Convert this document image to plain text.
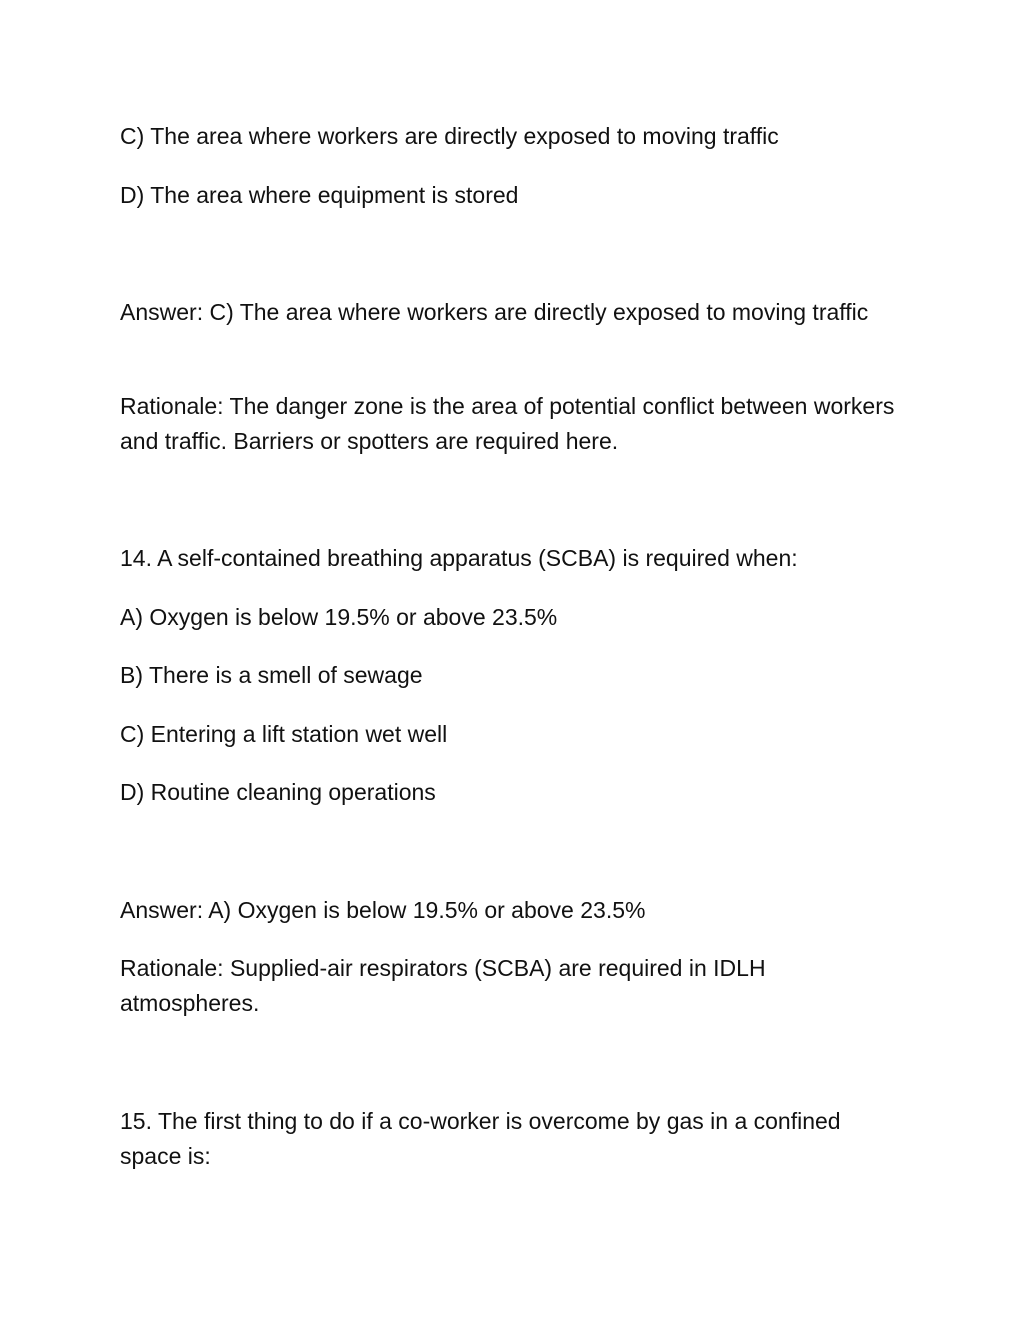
C) The area where workers are directly exposed to moving traffic

D) The area where equipment is stored

Answer: C) The area where workers are directly exposed to moving traffic

Rationale: The danger zone is the area of potential conflict between workers and traffic. Barriers or spotters are required here.

14. A self-contained breathing apparatus (SCBA) is required when:

A) Oxygen is below 19.5% or above 23.5%

B) There is a smell of sewage

C) Entering a lift station wet well

D) Routine cleaning operations

Answer: A) Oxygen is below 19.5% or above 23.5%

Rationale: Supplied-air respirators (SCBA) are required in IDLH atmospheres.

15. The first thing to do if a co-worker is overcome by gas in a confined space is:
